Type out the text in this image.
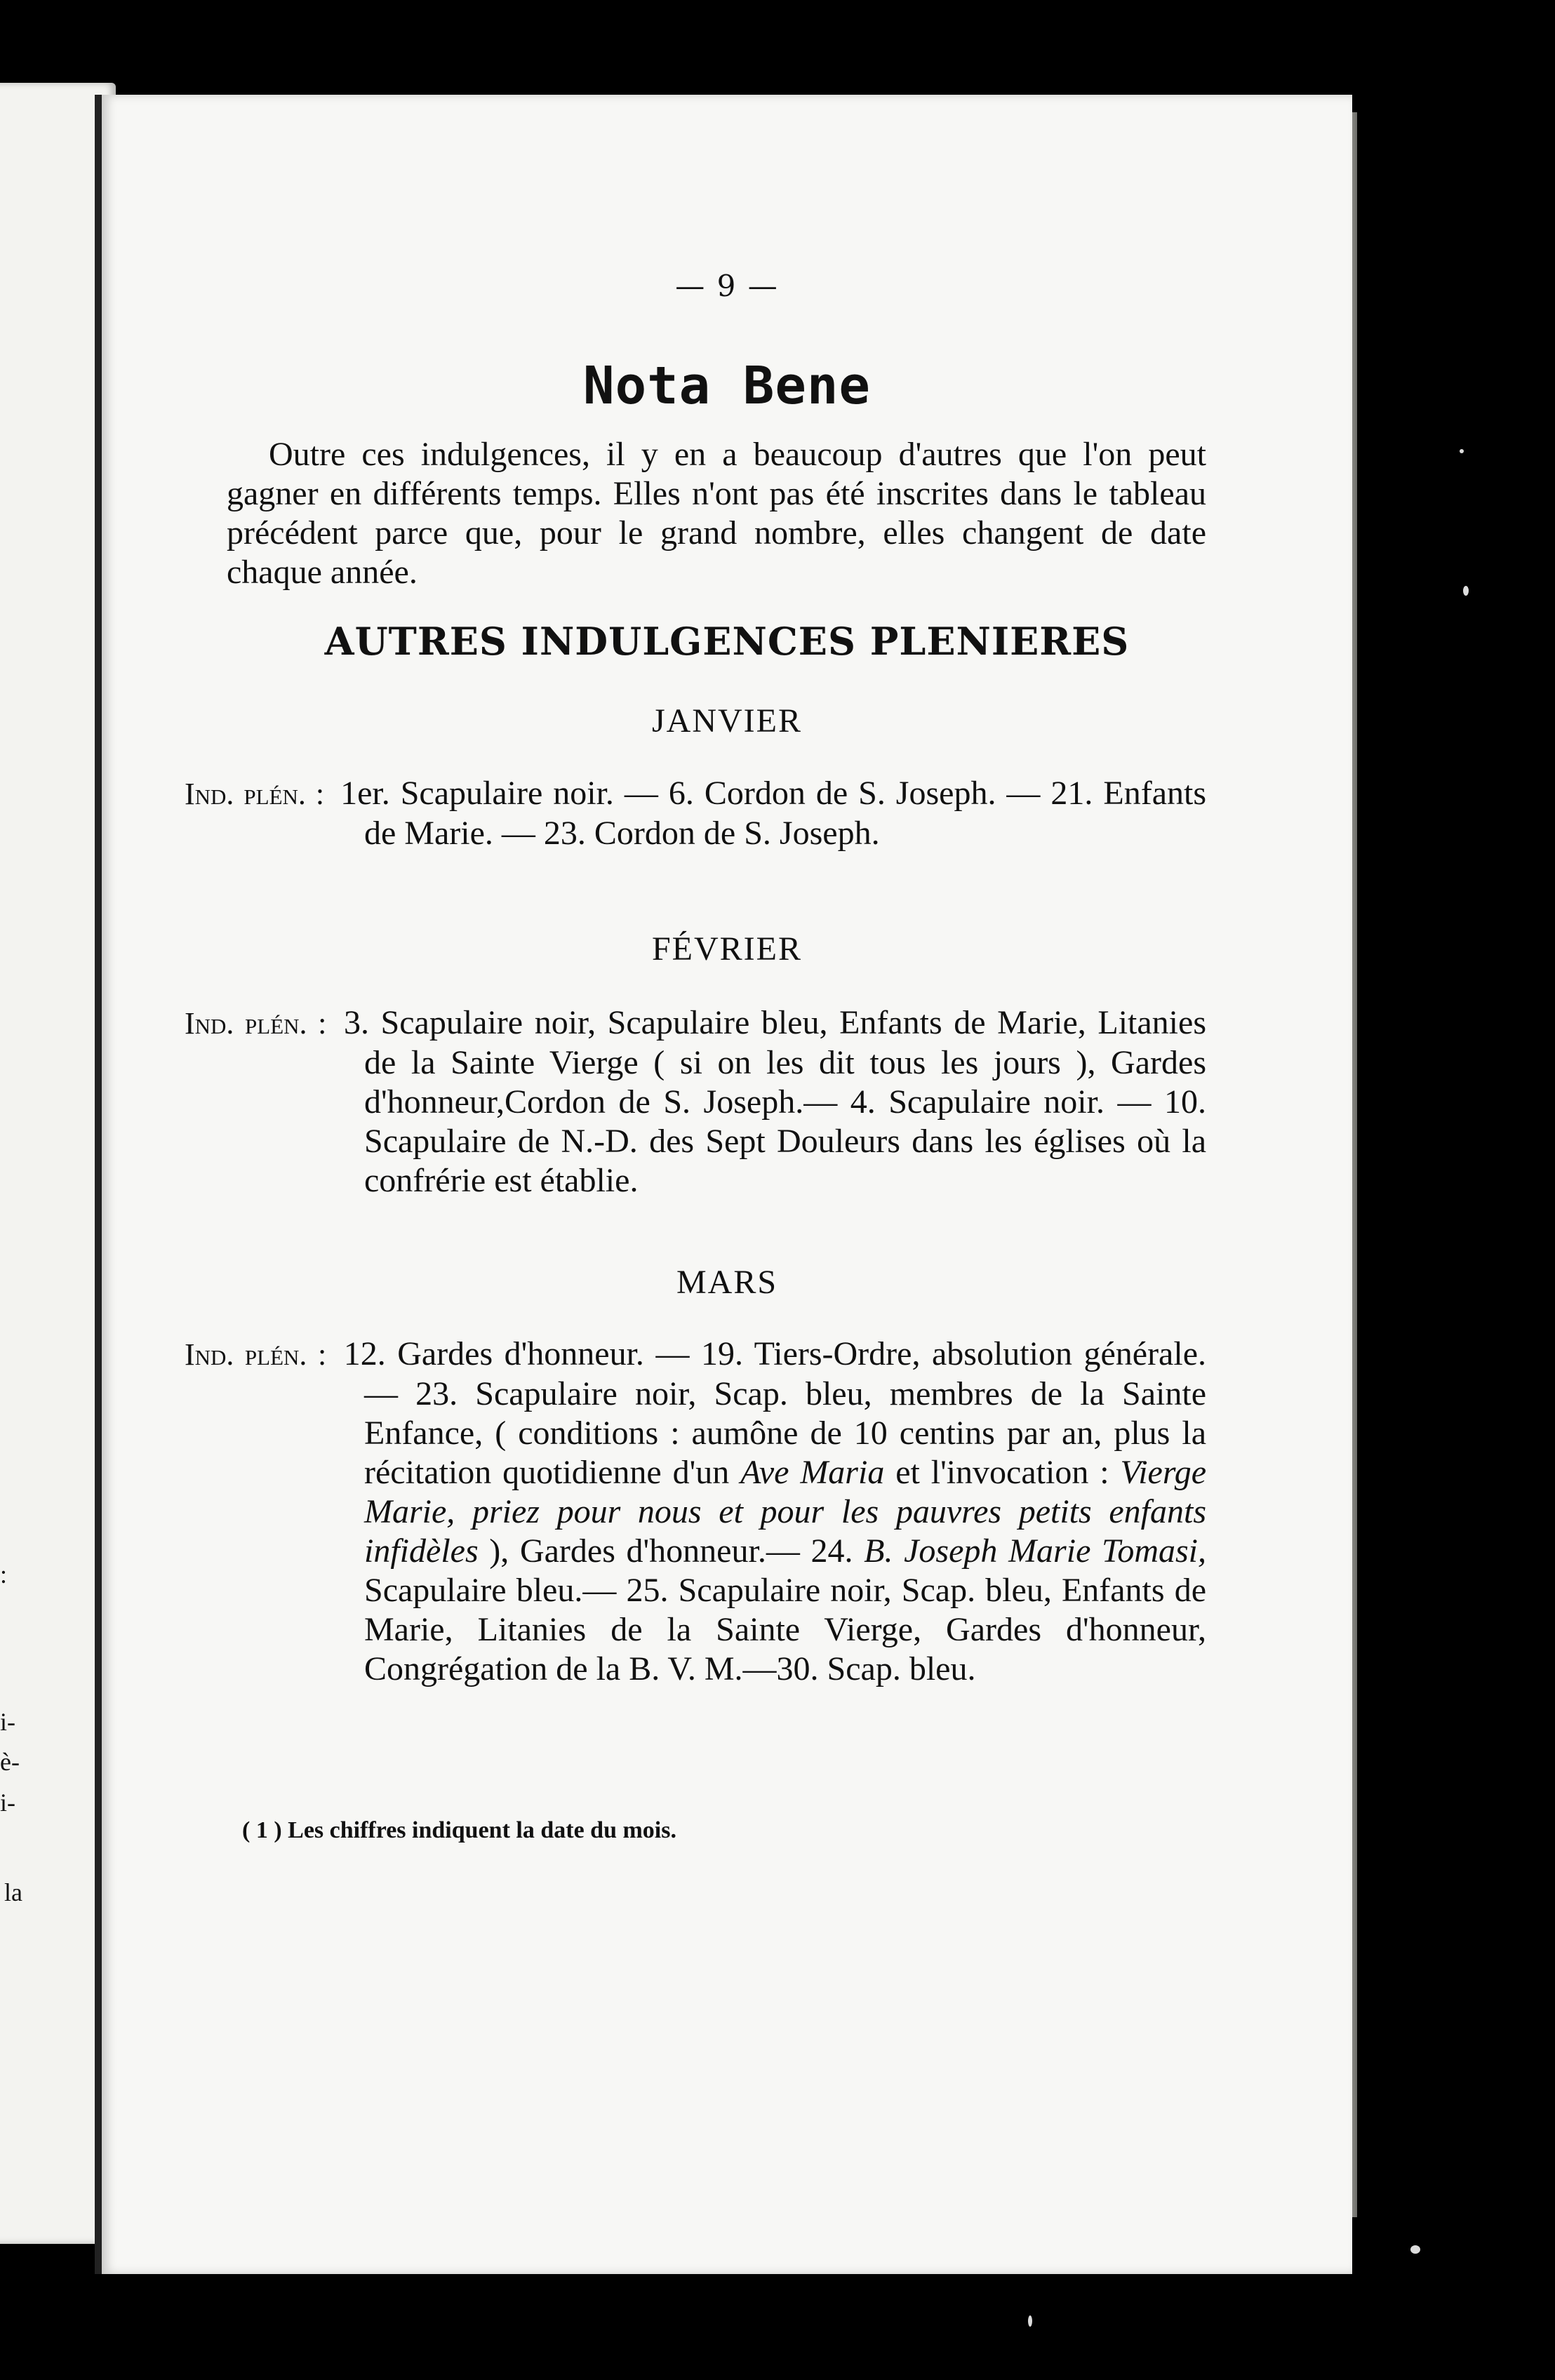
:
i-
è-
i-
la
— 9 —
Nota Bene
Outre ces indulgences, il y en a beaucoup d'autres que l'on peut gagner en différents temps. Elles n'ont pas été inscrites dans le tableau précédent parce que, pour le grand nombre, elles changent de date chaque année.
AUTRES INDULGENCES PLENIERES
JANVIER
Ind. plén. : 1er. Scapulaire noir. — 6. Cordon de S. Joseph. — 21. Enfants de Marie. — 23. Cordon de S. Joseph.
FÉVRIER
Ind. plén. : 3. Scapulaire noir, Scapulaire bleu, Enfants de Marie, Litanies de la Sainte Vierge ( si on les dit tous les jours ), Gardes d'honneur,Cordon de S. Joseph.— 4. Scapulaire noir. — 10. Scapulaire de N.-D. des Sept Douleurs dans les églises où la confrérie est établie.
MARS
Ind. plén. : 12. Gardes d'honneur. — 19. Tiers-Ordre, absolution générale. — 23. Scapulaire noir, Scap. bleu, membres de la Sainte Enfance, ( conditions : aumône de 10 centins par an, plus la récitation quotidienne d'un Ave Maria et l'invocation : Vierge Marie, priez pour nous et pour les pauvres petits enfants infidèles ), Gardes d'honneur.— 24. B. Joseph Marie Tomasi, Scapulaire bleu.— 25. Scapulaire noir, Scap. bleu, Enfants de Marie, Litanies de la Sainte Vierge, Gardes d'honneur, Congrégation de la B. V. M.—30. Scap. bleu.
( 1 ) Les chiffres indiquent la date du mois.
